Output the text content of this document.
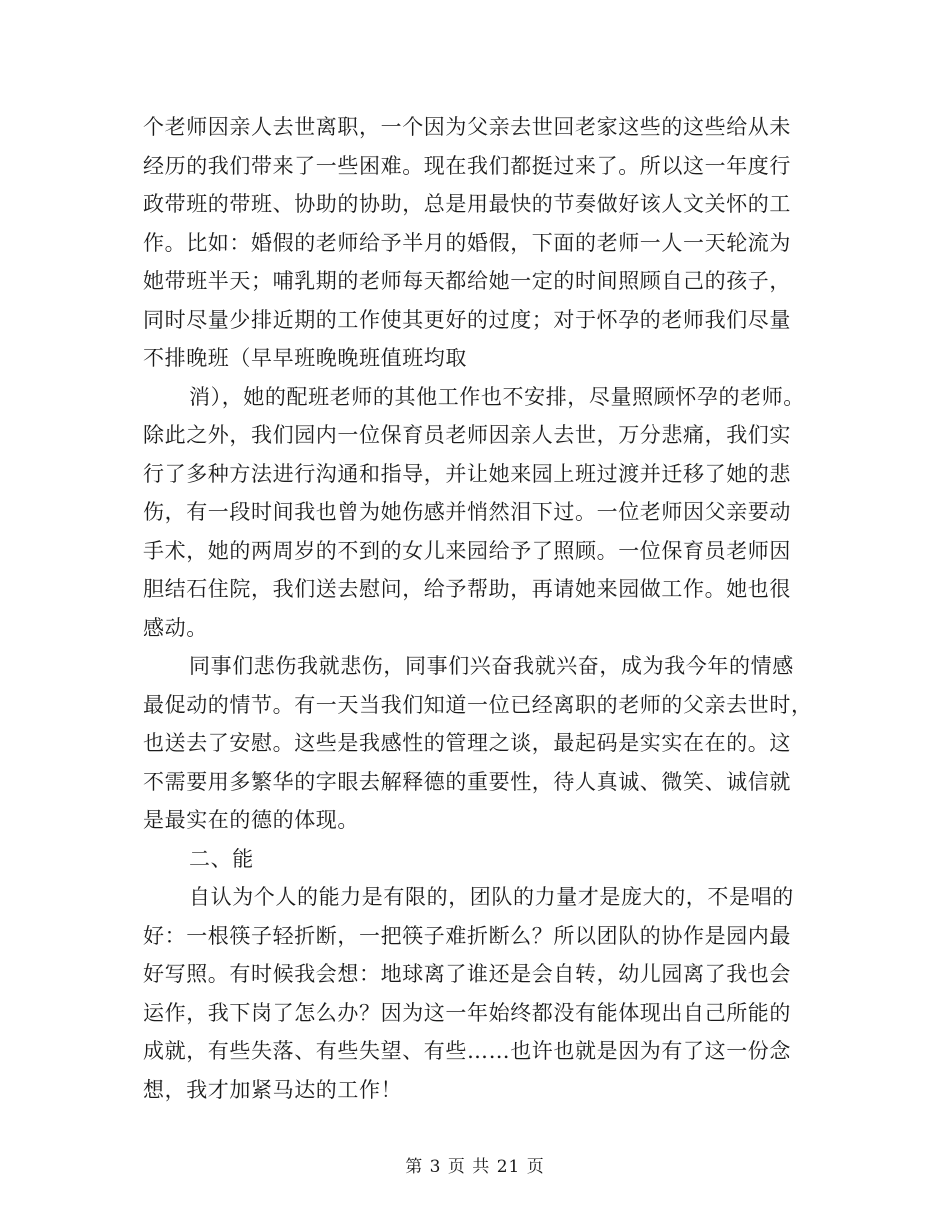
个老师因亲人去世离职，一个因为父亲去世回老家这些的这些给从未
经历的我们带来了一些困难。现在我们都挺过来了。所以这一年度行
政带班的带班、协助的协助，总是用最快的节奏做好该人文关怀的工
作。比如：婚假的老师给予半月的婚假，下面的老师一人一天轮流为
她带班半天；哺乳期的老师每天都给她一定的时间照顾自己的孩子，
同时尽量少排近期的工作使其更好的过度；对于怀孕的老师我们尽量
不排晚班（早早班晚晚班值班均取
消），她的配班老师的其他工作也不安排，尽量照顾怀孕的老师。
除此之外，我们园内一位保育员老师因亲人去世，万分悲痛，我们实
行了多种方法进行沟通和指导，并让她来园上班过渡并迁移了她的悲
伤，有一段时间我也曾为她伤感并悄然泪下过。一位老师因父亲要动
手术，她的两周岁的不到的女儿来园给予了照顾。一位保育员老师因
胆结石住院，我们送去慰问，给予帮助，再请她来园做工作。她也很
感动。
同事们悲伤我就悲伤，同事们兴奋我就兴奋，成为我今年的情感
最促动的情节。有一天当我们知道一位已经离职的老师的父亲去世时，
也送去了安慰。这些是我感性的管理之谈，最起码是实实在在的。这
不需要用多繁华的字眼去解释德的重要性，待人真诚、微笑、诚信就
是最实在的德的体现。
二、能
自认为个人的能力是有限的，团队的力量才是庞大的，不是唱的
好：一根筷子轻折断，一把筷子难折断么？所以团队的协作是园内最
好写照。有时候我会想：地球离了谁还是会自转，幼儿园离了我也会
运作，我下岗了怎么办？因为这一年始终都没有能体现出自己所能的
成就，有些失落、有些失望、有些……也许也就是因为有了这一份念
想，我才加紧马达的工作！
第 3 页 共 21 页
